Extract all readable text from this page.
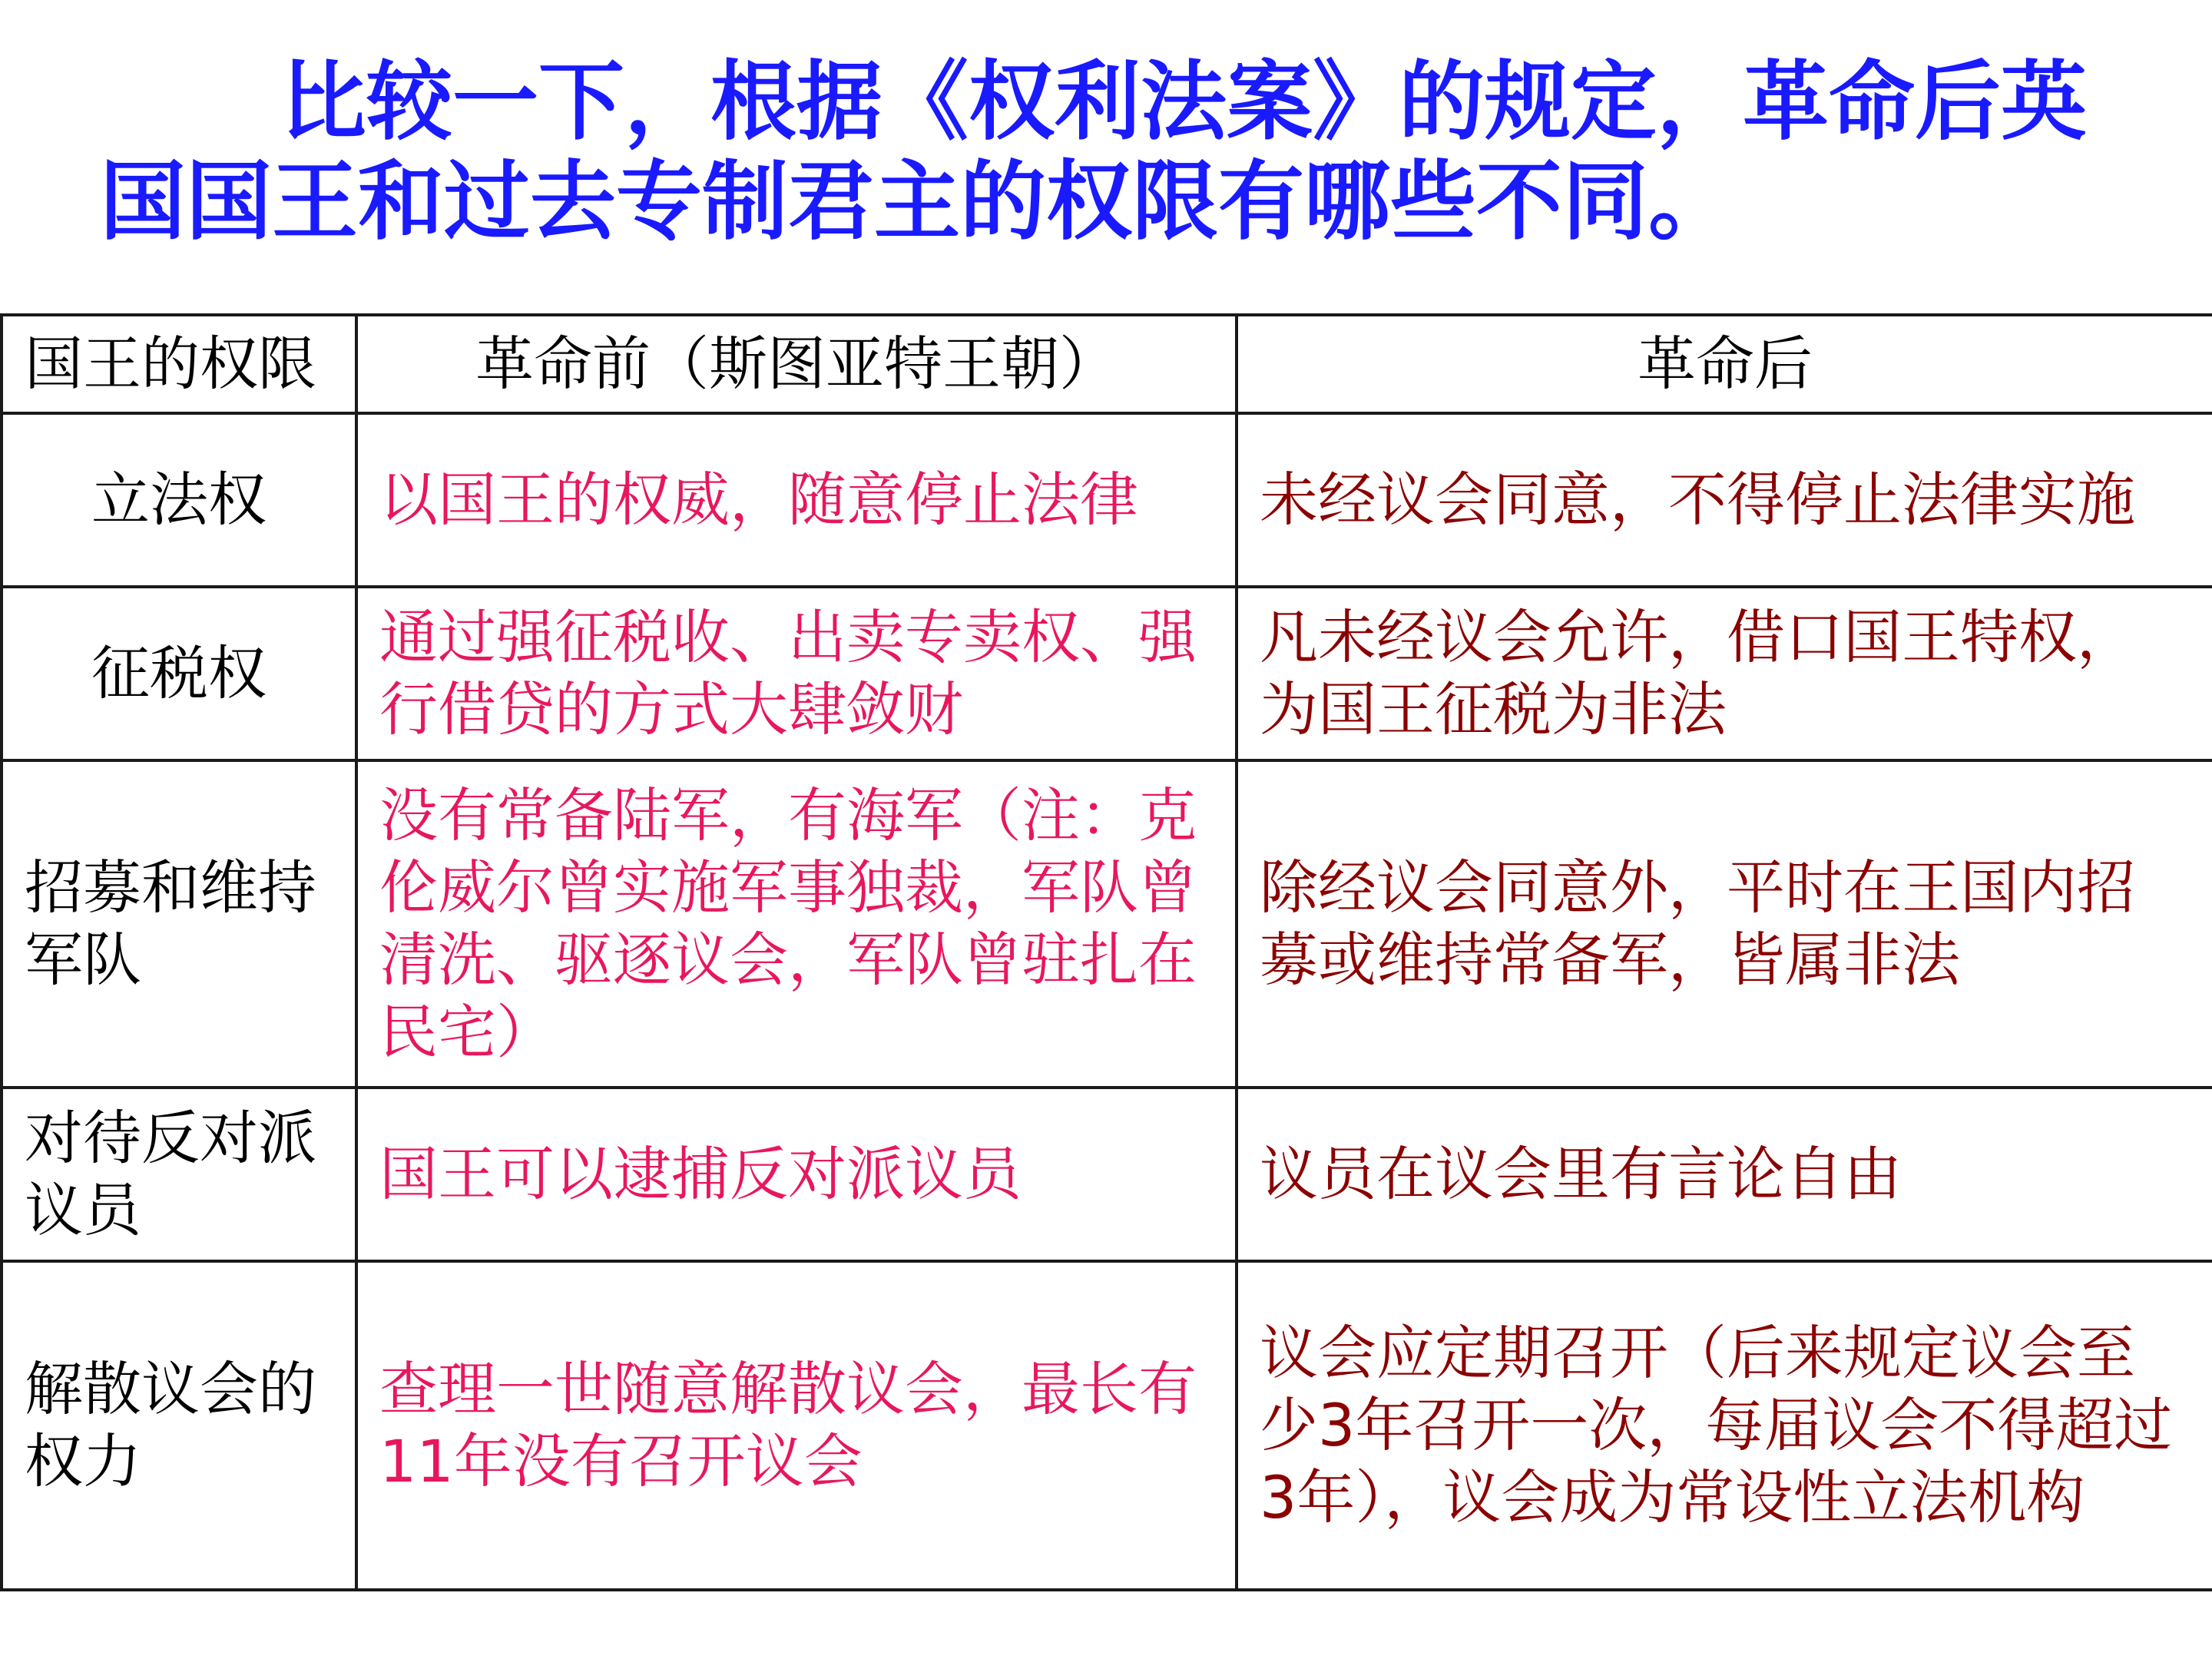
比较一下，根据《权利法案》的规定，革命后英
国国王和过去专制君主的权限有哪些不同。
国王的权限	革命前（斯图亚特王朝）	革命后
立法权	以国王的权威，随意停止法律	未经议会同意，不得停止法律实施
征税权	通过强征税收、出卖专卖权、强行借贷的方式大肆敛财	凡未经议会允许，借口国王特权，为国王征税为非法
招募和维持军队	没有常备陆军，有海军（注：克伦威尔曾实施军事独裁，军队曾清洗、驱逐议会，军队曾驻扎在民宅）	除经议会同意外，平时在王国内招募或维持常备军，皆属非法
对待反对派议员	国王可以逮捕反对派议员	议员在议会里有言论自由
解散议会的权力	查理一世随意解散议会，最长有11年没有召开议会	议会应定期召开（后来规定议会至少3年召开一次，每届议会不得超过3年），议会成为常设性立法机构
